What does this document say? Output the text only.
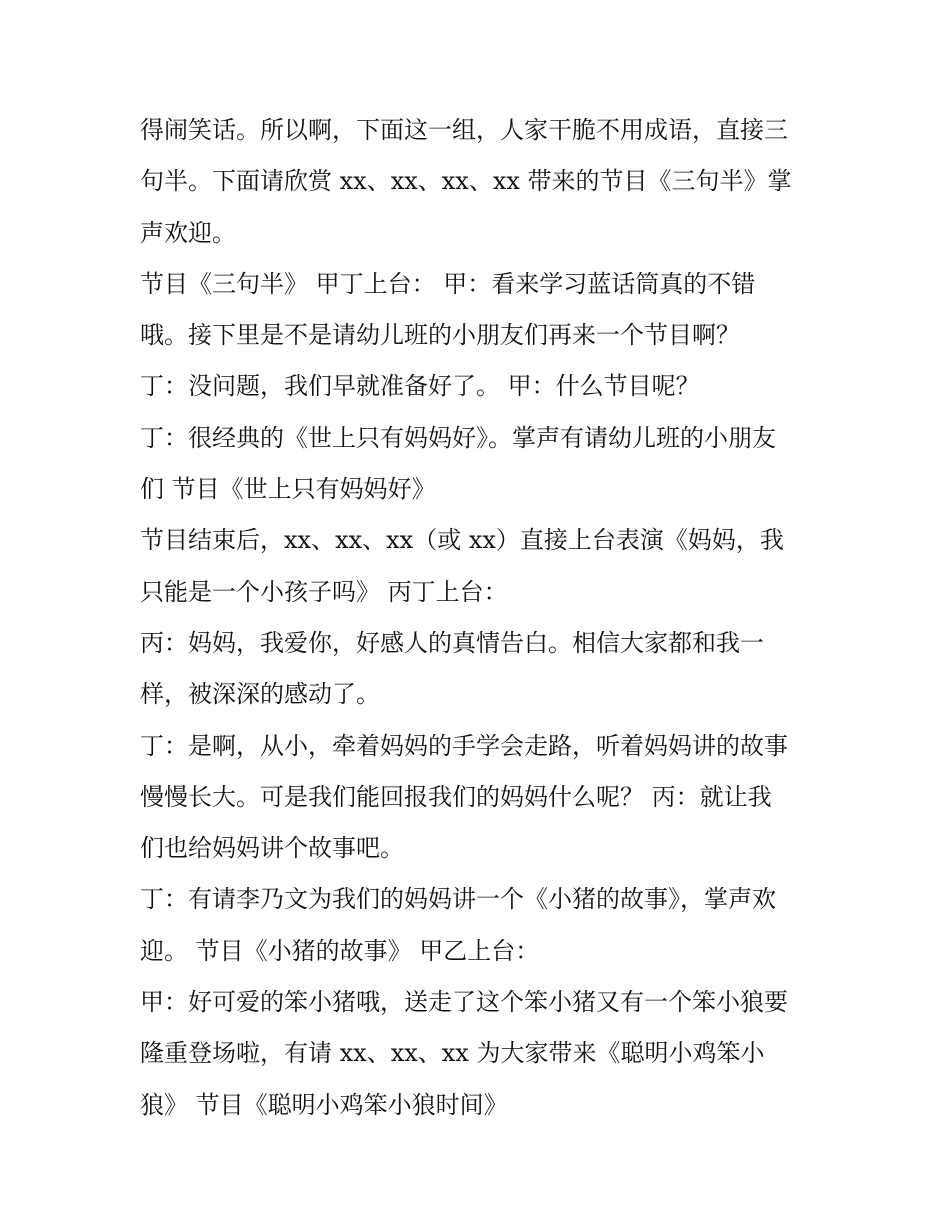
得闹笑话。所以啊，下面这一组，人家干脆不用成语，直接三
句半。下面请欣赏 xx、xx、xx、xx 带来的节目《三句半》掌
声欢迎。
节目《三句半》 甲丁上台： 甲：看来学习蓝话筒真的不错
哦。接下里是不是请幼儿班的小朋友们再来一个节目啊？
丁：没问题，我们早就准备好了。 甲：什么节目呢？
丁：很经典的《世上只有妈妈好》。掌声有请幼儿班的小朋友
们 节目《世上只有妈妈好》
节目结束后，xx、xx、xx（或 xx）直接上台表演《妈妈，我
只能是一个小孩子吗》 丙丁上台：
丙：妈妈，我爱你，好感人的真情告白。相信大家都和我一
样，被深深的感动了。
丁：是啊，从小，牵着妈妈的手学会走路，听着妈妈讲的故事
慢慢长大。可是我们能回报我们的妈妈什么呢？ 丙：就让我
们也给妈妈讲个故事吧。
丁：有请李乃文为我们的妈妈讲一个《小猪的故事》，掌声欢
迎。 节目《小猪的故事》 甲乙上台：
甲：好可爱的笨小猪哦，送走了这个笨小猪又有一个笨小狼要
隆重登场啦，有请 xx、xx、xx 为大家带来《聪明小鸡笨小
狼》 节目《聪明小鸡笨小狼时间》
